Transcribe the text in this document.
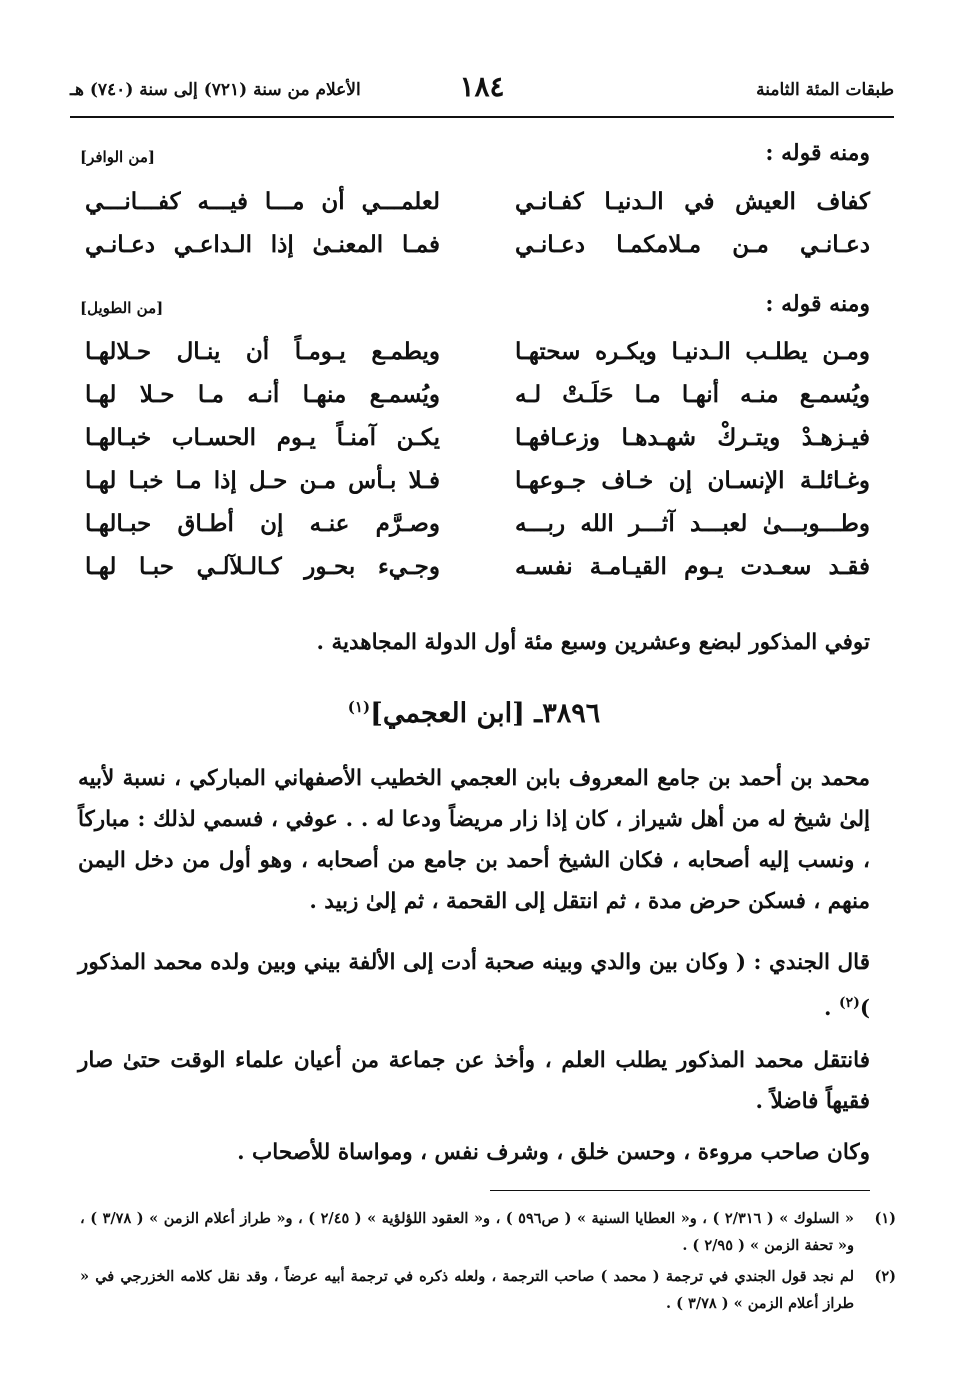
طبقات المئة الثامنة
١٨٤
الأعلام من سنة (٧٢١) إلى سنة (٧٤٠) هـ
ومنه قوله :
[من الوافر]
كفاف العيش في الـدنيـا كفـانـي
لعلمـــي أن مـــا فيـــه كفـــانـــي
دعـانـي مـن مـلامكمـا دعـانـي
فمـا المعنـىٰ إذا الـداعـي دعـانـي
ومنه قوله :
[من الطويل]
ومـن يطلـب الـدنيـا ويكـره سحتهـا
ويطمـع يـومـاً أن ينـال حـلالهـا
ويُسمـع منـه أنهـا مـا حَلَـتْ لـه
ويُسمـع منهـا أنـه مـا حـلا لهـا
فيـزهـدْ ويتـركْ شهـدهـا وزعـافهـا
يكـن آمنـاً يـوم الحسـاب خبـالهـا
وغـائلـة الإنسـان إن خـاف جـوعهـا
فـلا بـأس مـن حـل إذا مـا خبـا لهـا
وطـــوبـــىٰ لعبـــد آثـــر الله ربـــه
وصـرَّم عنـه إن أطـاق حبـالهـا
فقـد سعـدت يـوم القيـامـة نفسـه
وجـيء بحـور كـالـلآلـي حبـا لهـا
توفي المذكور لبضع وعشرين وسبع مئة أول الدولة المجاهدية .
٣٨٩٦ـ [ابن العجمي]$^{(١)}$
محمد بن أحمد بن جامع المعروف بابن العجمي الخطيب الأصفهاني المباركي ، نسبة لأبيه إلىٰ شيخ له من أهل شيراز ، كان إذا زار مريضاً ودعا له . . عوفي ، فسمي لذلك : مباركاً ، ونسب إليه أصحابه ، فكان الشيخ أحمد بن جامع من أصحابه ، وهو أول من دخل اليمن منهم ، فسكن حرض مدة ، ثم انتقل إلى القحمة ، ثم إلىٰ زبيد .
قال الجندي : ( وكان بين والدي وبينه صحبة أدت إلى الألفة بيني وبين ولده محمد المذكور )$^{(٢)}$ .
فانتقل محمد المذكور يطلب العلم ، وأخذ عن جماعة من أعيان علماء الوقت حتىٰ صار فقيهاً فاضلاً .
وكان صاحب مروءة ، وحسن خلق ، وشرف نفس ، ومواساة للأصحاب .
(١)
« السلوك » ( ٢/٣١٦ ) ، و« العطايا السنية » ( ص٥٩٦ ) ، و« العقود اللؤلؤية » ( ٢/٤٥ ) ، و« طراز أعلام الزمن » ( ٣/٧٨ ) ، و« تحفة الزمن » ( ٢/٩٥ ) .
(٢)
لم نجد قول الجندي في ترجمة ( محمد ) صاحب الترجمة ، ولعله ذكره في ترجمة أبيه عرضاً ، وقد نقل كلامه الخزرجي في « طراز أعلام الزمن » ( ٣/٧٨ ) .
